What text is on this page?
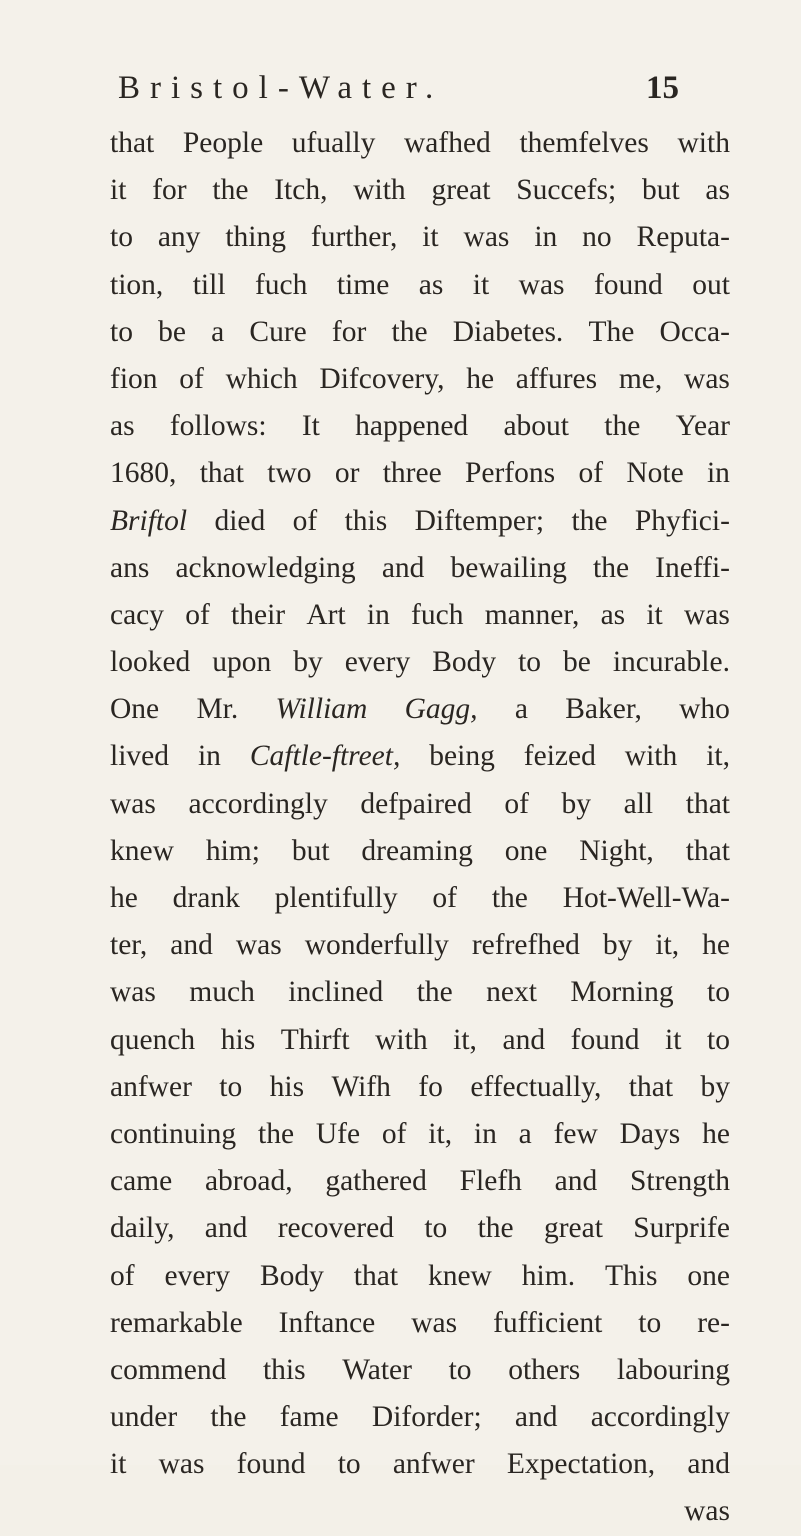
Bristol-Water.	15
that People ufually wafhed themfelves with
it for the Itch, with great Succefs; but as
to any thing further, it was in no Reputa-
tion, till fuch time as it was found out
to be a Cure for the Diabetes. The Occa-
fion of which Difcovery, he affures me, was
as follows: It happened about the Year
1680, that two or three Perfons of Note in
Briftol died of this Diftemper; the Phyfici-
ans acknowledging and bewailing the Ineffi-
cacy of their Art in fuch manner, as it was
looked upon by every Body to be incurable.
One Mr. William Gagg, a Baker, who
lived in Caftle-ftreet, being feized with it,
was accordingly defpaired of by all that
knew him; but dreaming one Night, that
he drank plentifully of the Hot-Well-Wa-
ter, and was wonderfully refrefhed by it, he
was much inclined the next Morning to
quench his Thirft with it, and found it to
anfwer to his Wifh fo effectually, that by
continuing the Ufe of it, in a few Days he
came abroad, gathered Flefh and Strength
daily, and recovered to the great Surprife
of every Body that knew him. This one
remarkable Inftance was fufficient to re-
commend this Water to others labouring
under the fame Diforder; and accordingly
it was found to anfwer Expectation, and
was
